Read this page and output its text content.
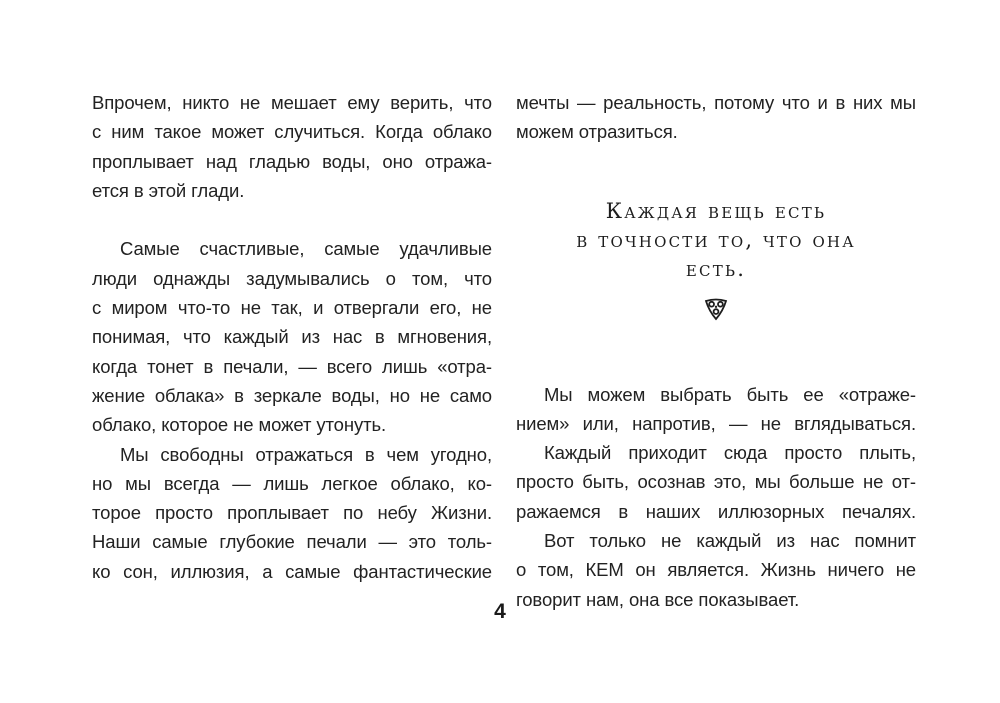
Впрочем, никто не мешает ему верить, что
с ним такое может случиться. Когда облако
проплывает над гладью воды, оно отража-
ется в этой глади.
Самые счастливые, самые удачливые
люди однажды задумывались о том, что
с миром что-то не так, и отвергали его, не
понимая, что каждый из нас в мгновения,
когда тонет в печали, — всего лишь «отра-
жение облака» в зеркале воды, но не само
облако, которое не может утонуть.
Мы свободны отражаться в чем угодно,
но мы всегда — лишь легкое облако, ко-
торое просто проплывает по небу Жизни.
Наши самые глубокие печали — это толь-
ко сон, иллюзия, а самые фантастические
мечты — реальность, потому что и в них мы
можем отразиться.
Каждая вещь есть
в точности то, что она
есть.
Мы можем выбрать быть ее «отраже-
нием» или, напротив, — не вглядываться.
Каждый приходит сюда просто плыть,
просто быть, осознав это, мы больше не от-
ражаемся в наших иллюзорных печалях.
Вот только не каждый из нас помнит
о том, КЕМ он является. Жизнь ничего не
говорит нам, она все показывает.
4
